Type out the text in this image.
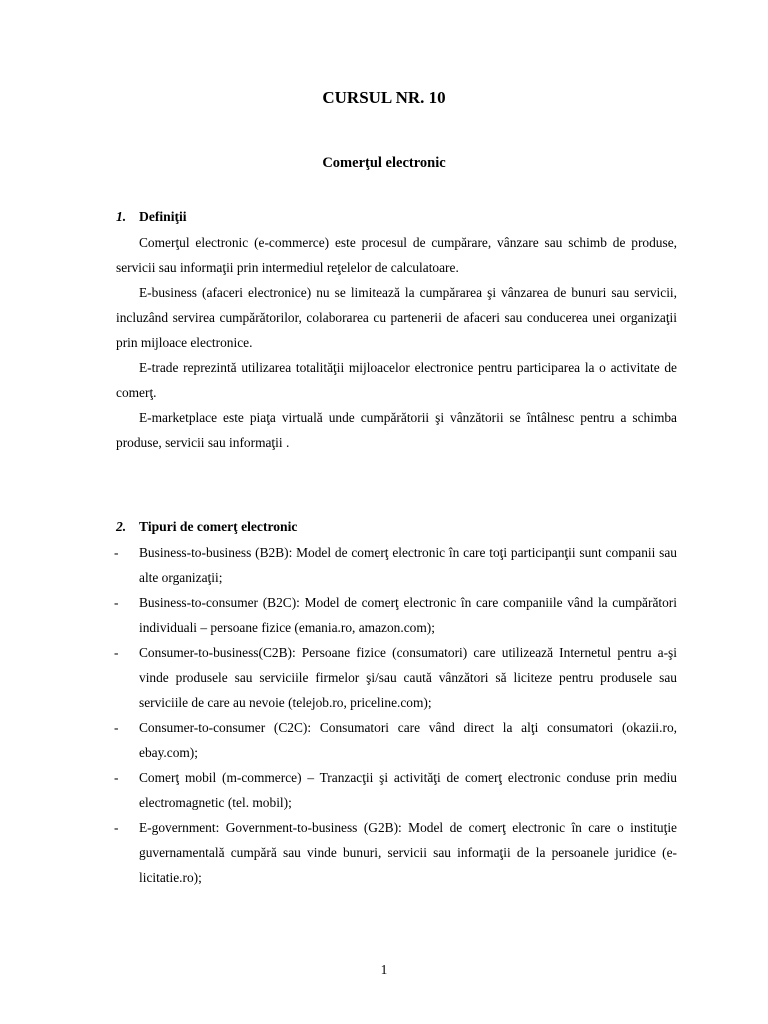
CURSUL NR. 10
Comerţul electronic
1. Definiţii

Comerţul electronic (e-commerce) este procesul de cumpărare, vânzare sau schimb de produse, servicii sau informaţii prin intermediul reţelelor de calculatoare.

E-business (afaceri electronice) nu se limitează la cumpărarea şi vânzarea de bunuri sau servicii, incluzând servirea cumpărătorilor, colaborarea cu partenerii de afaceri sau conducerea unei organizaţii prin mijloace electronice.

E-trade reprezintă utilizarea totalităţii mijloacelor electronice pentru participarea la o activitate de comerţ.

E-marketplace este piaţa virtuală unde cumpărătorii şi vânzătorii se întâlnesc pentru a schimba produse, servicii sau informaţii .

2. Tipuri de comerţ electronic
- Business-to-business (B2B): Model de comerţ electronic în care toţi participanţii sunt companii sau alte organizaţii;
- Business-to-consumer (B2C): Model de comerţ electronic în care companiile vând la cumpărători individuali – persoane fizice (emania.ro, amazon.com);
- Consumer-to-business(C2B): Persoane fizice (consumatori) care utilizează Internetul pentru a-şi vinde produsele sau serviciile firmelor şi/sau caută vânzători să liciteze pentru produsele sau serviciile de care au nevoie (telejob.ro, priceline.com);
- Consumer-to-consumer (C2C): Consumatori care vând direct la alţi consumatori (okazii.ro, ebay.com);
- Comerţ mobil (m-commerce) – Tranzacţii şi activităţi de comerţ electronic conduse prin mediu electromagnetic (tel. mobil);
- E-government: Government-to-business (G2B): Model de comerţ electronic în care o instituţie guvernamentală cumpără sau vinde bunuri, servicii sau informaţii de la persoanele juridice (e-licitatie.ro);
1
